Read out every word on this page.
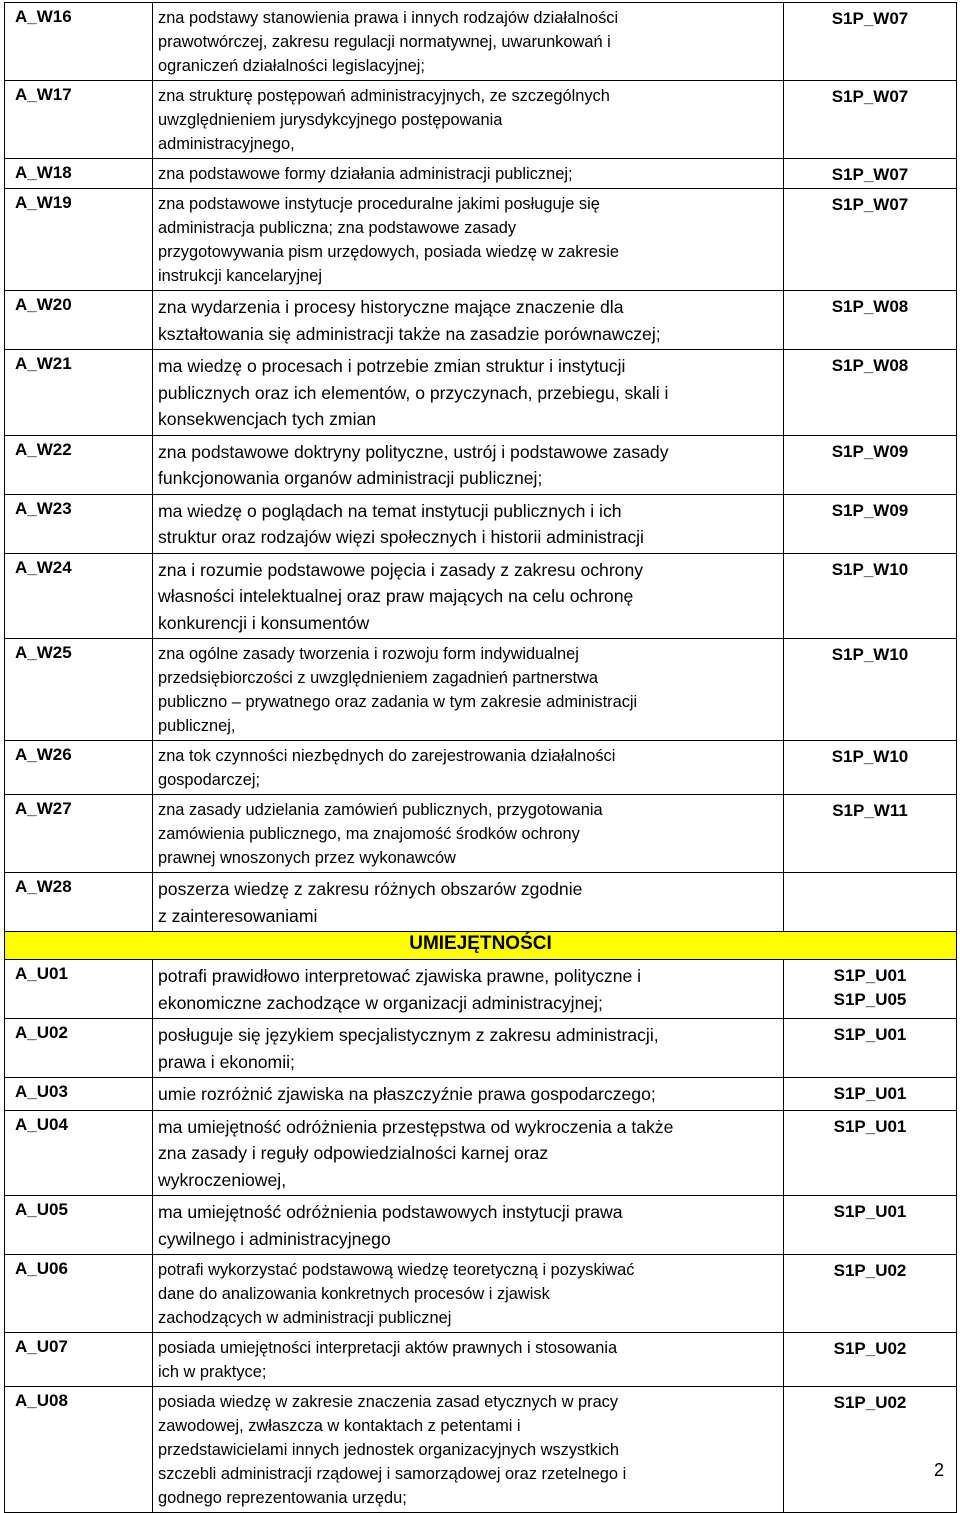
A_W16	zna podstawy stanowienia prawa i innych rodzajów działalności
prawotwórczej, zakresu regulacji normatywnej, uwarunkowań i
ograniczeń działalności legislacyjnej;	S1P_W07

A_W17	zna strukturę postępowań administracyjnych, ze szczególnych
uwzględnieniem jurysdykcyjnego postępowania
administracyjnego,	S1P_W07

A_W18	zna podstawowe formy działania administracji publicznej;	S1P_W07

A_W19	zna podstawowe instytucje proceduralne jakimi posługuje się
administracja publiczna; zna podstawowe zasady
przygotowywania pism urzędowych, posiada wiedzę w zakresie
instrukcji kancelaryjnej	S1P_W07

A_W20	zna wydarzenia i procesy historyczne mające znaczenie dla
kształtowania się administracji także na zasadzie porównawczej;	S1P_W08

A_W21	ma wiedzę o procesach i potrzebie zmian struktur i instytucji
publicznych oraz ich elementów, o przyczynach, przebiegu, skali i
konsekwencjach tych zmian	S1P_W08

A_W22	zna podstawowe doktryny polityczne, ustrój i podstawowe zasady
funkcjonowania organów administracji publicznej;	S1P_W09

A_W23	ma wiedzę o poglądach na temat instytucji publicznych i ich
struktur oraz rodzajów więzi społecznych i historii administracji	S1P_W09

A_W24	zna i rozumie podstawowe pojęcia i zasady z zakresu ochrony
własności intelektualnej oraz praw mających na celu ochronę
konkurencji i konsumentów	S1P_W10

A_W25	zna ogólne zasady tworzenia i rozwoju form indywidualnej
przedsiębiorczości z uwzględnieniem zagadnień partnerstwa
publiczno – prywatnego oraz zadania w tym zakresie administracji
publicznej,	S1P_W10

A_W26	zna tok czynności niezbędnych do zarejestrowania działalności
gospodarczej;	S1P_W10

A_W27	zna zasady udzielania zamówień publicznych, przygotowania
zamówienia publicznego, ma znajomość środków ochrony
prawnej wnoszonych przez wykonawców	S1P_W11

A_W28	poszerza wiedzę z zakresu różnych obszarów zgodnie
z zainteresowaniami	

UMIEJĘTNOŚCI		
A_U01	potrafi prawidłowo interpretować zjawiska prawne, polityczne i
ekonomiczne zachodzące w organizacji administracyjnej;	S1P_U01
S1P_U05

A_U02	posługuje się językiem specjalistycznym z zakresu administracji,
prawa i ekonomii;	S1P_U01

A_U03	umie rozróżnić zjawiska na płaszczyźnie prawa gospodarczego;	S1P_U01

A_U04	ma umiejętność odróżnienia przestępstwa od wykroczenia a także
zna zasady i reguły odpowiedzialności karnej oraz
wykroczeniowej,	S1P_U01

A_U05	ma umiejętność odróżnienia podstawowych instytucji prawa
cywilnego i administracyjnego	S1P_U01

A_U06	potrafi wykorzystać podstawową wiedzę teoretyczną i pozyskiwać
dane do analizowania konkretnych procesów i zjawisk
zachodzących w administracji publicznej	S1P_U02

A_U07	posiada umiejętności interpretacji aktów prawnych i stosowania
ich w praktyce;	S1P_U02

A_U08	posiada wiedzę w zakresie znaczenia zasad etycznych w pracy
zawodowej, zwłaszcza w kontaktach z petentami i
przedstawicielami innych jednostek organizacyjnych wszystkich
szczebli administracji rządowej i samorządowej oraz rzetelnego i
godnego reprezentowania urzędu;	S1P_U02
2
